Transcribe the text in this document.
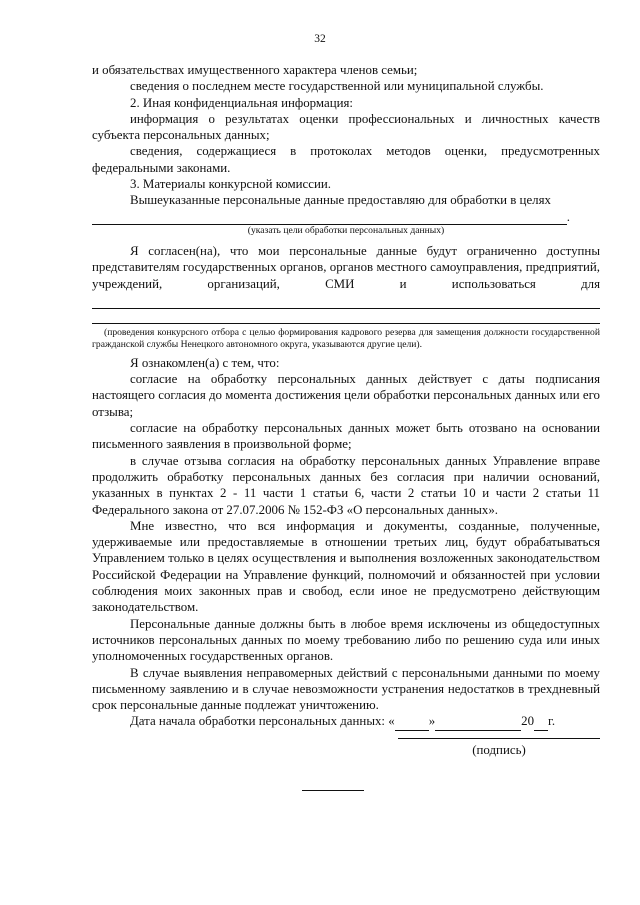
32

и обязательствах имущественного характера членов семьи;

сведения о последнем месте государственной или муниципальной службы.

2. Иная конфиденциальная информация:

информация о результатах оценки профессиональных и личностных качеств субъекта персональных данных;

сведения, содержащиеся в протоколах методов оценки, предусмотренных федеральными законами.

3. Материалы конкурсной комиссии.

Вышеуказанные персональные данные предоставляю для обработки в целях

.

(указать цели обработки персональных данных)

Я согласен(на), что мои персональные данные будут ограниченно доступны представителям государственных органов, органов местного самоуправления, предприятий, учреждений, организаций, СМИ и использоваться для

(проведения конкурсного отбора с целью формирования кадрового резерва для замещения должности государственной гражданской службы Ненецкого автономного округа, указываются другие цели).

Я ознакомлен(а) с тем, что:

согласие на обработку персональных данных действует с даты подписания настоящего согласия до момента достижения цели обработки персональных данных или его отзыва;

согласие на обработку персональных данных может быть отозвано на основании письменного заявления в произвольной форме;

в случае отзыва согласия на обработку персональных данных Управление вправе продолжить обработку персональных данных без согласия при наличии оснований, указанных в пунктах 2 - 11 части 1 статьи 6, части 2 статьи 10 и части 2 статьи 11 Федерального закона от 27.07.2006 № 152-ФЗ «О персональных данных».

Мне известно, что вся информация и документы, созданные, полученные, удерживаемые или предоставляемые в отношении третьих лиц, будут обрабатываться Управлением только в целях осуществления и выполнения возложенных законодательством Российской Федерации на Управление функций, полномочий и обязанностей при условии соблюдения моих законных прав и свобод, если иное не предусмотрено действующим законодательством.

Персональные данные должны быть в любое время исключены из общедоступных источников персональных данных по моему требованию либо по решению суда или иных уполномоченных государственных органов.

В случае выявления неправомерных действий с персональными данными по моему письменному заявлению и в случае невозможности устранения недостатков в трехдневный срок персональные данные подлежат уничтожению.

Дата начала обработки персональных данных: «	»	20 г.

(подпись)
